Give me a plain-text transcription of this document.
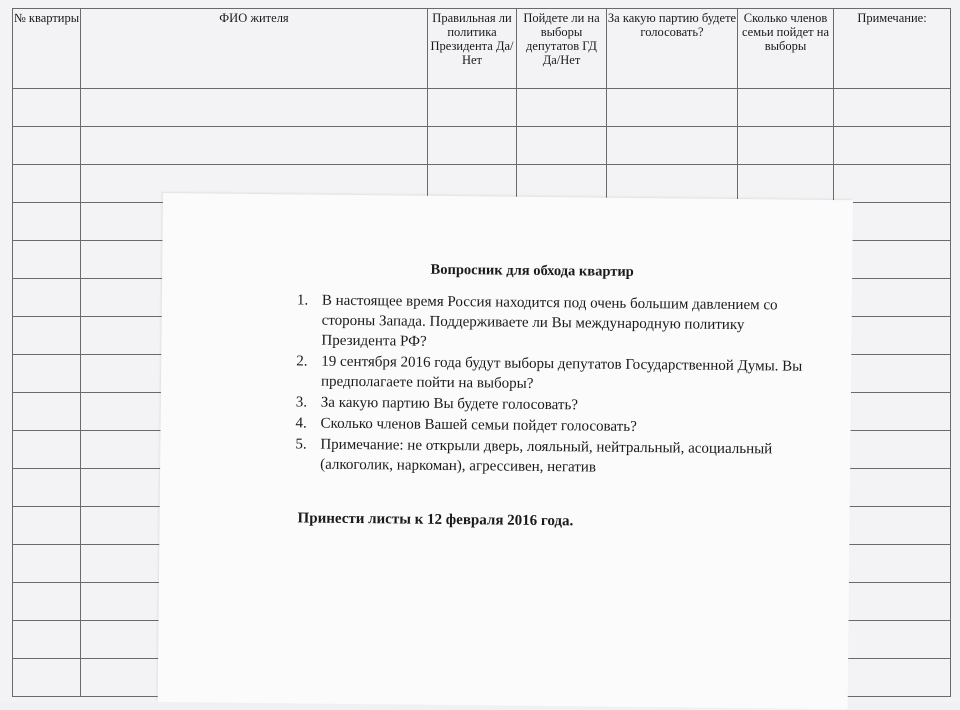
№ квартиры	ФИО жителя	Правильная ли политика Президента Да/Нет	Пойдете ли на выборы депутатов ГД Да/Нет	За какую партию будете голосовать?	Сколько членов семьи пойдет на выборы	Примечание:

Вопросник для обхода квартир
1. В настоящее время Россия находится под очень большим давлением со стороны Запада. Поддерживаете ли Вы международную политику Президента РФ?
2. 19 сентября 2016 года будут выборы депутатов Государственной Думы. Вы предполагаете пойти на выборы?
3. За какую партию Вы будете голосовать?
4. Сколько членов Вашей семьи пойдет голосовать?
5. Примечание: не открыли дверь, лояльный, нейтральный, асоциальный (алкоголик, наркоман), агрессивен, негатив
Принести листы к 12 февраля 2016 года.
